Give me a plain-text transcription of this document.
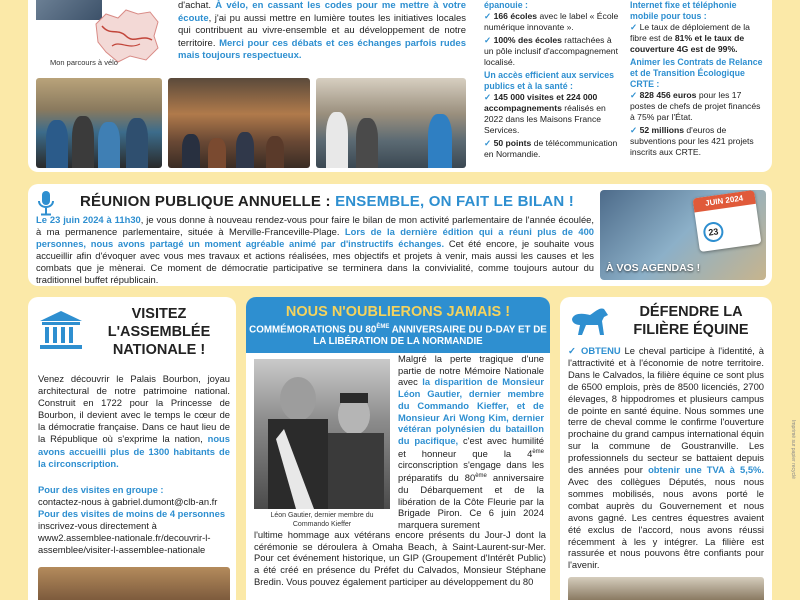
Mon parcours à vélo
d'achat. À vélo, en cassant les codes pour me mettre à votre écoute, j'ai pu aussi mettre en lumière toutes les initiatives locales qui contribuent au vivre-ensemble et au développement de notre territoire. Merci pour ces débats et ces échanges parfois rudes mais toujours respectueux.
épanouie :
✓ 166 écoles avec le label « École numérique innovante ».
✓ 100% des écoles rattachées à un pôle inclusif d'accompagnement localisé.
Un accès efficient aux services publics et à la santé :
✓ 145 000 visites et 224 000 accompagnements réalisés en 2022 dans les Maisons France Services.
✓ 50 points de télécommunication en Normandie.
Internet fixe et téléphonie mobile pour tous :
✓ Le taux de déploiement de la fibre est de 81% et le taux de couverture 4G est de 99%.
Animer les Contrats de Relance et de Transition Écologique CRTE :
✓ 828 456 euros pour les 17 postes de chefs de projet financés à 75% par l'État.
✓ 52 millions d'euros de subventions pour les 421 projets inscrits aux CRTE.
RÉUNION PUBLIQUE ANNUELLE : ENSEMBLE, ON FAIT LE BILAN !
Le 23 juin 2024 à 11h30, je vous donne à nouveau rendez-vous pour faire le bilan de mon activité parlementaire de l'année écoulée, à ma permanence parlementaire, située à Merville-Franceville-Plage. Lors de la dernière édition qui a réuni plus de 400 personnes, nous avons partagé un moment agréable animé par d'instructifs échanges. Cet été encore, je souhaite vous accueillir afin d'évoquer avec vous mes travaux et actions réalisées, mes objectifs et projets à venir, mais aussi les causes et les combats que je mènerai. Ce moment de démocratie participative se terminera dans la convivialité, comme toujours autour du traditionnel buffet républicain.
JUIN 2024
23
À VOS AGENDAS !
VISITEZ L'ASSEMBLÉE NATIONALE !
Venez découvrir le Palais Bourbon, joyau architectural de notre patrimoine national. Construit en 1722 pour la Princesse de Bourbon, il devient avec le temps le cœur de la démocratie française. Dans ce haut lieu de la République où s'exprime la nation, nous avons accueilli plus de 1300 habitants de la circonscription.
Pour des visites en groupe :
contactez-nous à gabriel.dumont@clb-an.fr
Pour des visites de moins de 4 personnes
inscrivez-vous directement à www2.assemblee-nationale.fr/decouvrir-l-assemblee/visiter-l-assemblee-nationale
NOUS N'OUBLIERONS JAMAIS !
COMMÉMORATIONS DU 80ÈME ANNIVERSAIRE DU D-DAY ET DE LA LIBÉRATION DE LA NORMANDIE
Léon Gautier, dernier membre du Commando Kieffer
Malgré la perte tragique d'une partie de notre Mémoire Nationale avec la disparition de Monsieur Léon Gautier, dernier membre du Commando Kieffer, et de Monsieur Ari Wong Kim, dernier vétéran polynésien du bataillon du pacifique, c'est avec humilité et honneur que la 4ème circonscription s'engage dans les préparatifs du 80ème anniversaire du Débarquement et de la libération de la Côte Fleurie par la Brigade Piron. Ce 6 juin 2024 marquera surement
l'ultime hommage aux vétérans encore présents du Jour-J dont la cérémonie se déroulera à Omaha Beach, à Saint-Laurent-sur-Mer. Pour cet événement historique, un GIP (Groupement d'Intérêt Public) a été créé en présence du Préfet du Calvados, Monsieur Stéphane Bredin. Vous pouvez également participer au développement du 80
DÉFENDRE LA FILIÈRE ÉQUINE
✓ OBTENU Le cheval participe à l'identité, à l'attractivité et à l'économie de notre territoire. Dans le Calvados, la filière équine ce sont plus de 6500 emplois, près de 8500 licenciés, 2700 élevages, 8 hippodromes et plusieurs campus de pointe en santé équine. Nous sommes une terre de cheval comme le confirme l'ouverture prochaine du grand campus international équin sur la commune de Goustranville. Les professionnels du secteur se battaient depuis des années pour obtenir une TVA à 5,5%. Avec des collègues Députés, nous nous sommes mobilisés, nous avons porté le combat auprès du Gouvernement et nous avons gagné. Les centres équestres avaient été exclus de l'accord, nous avons réussi récemment à les y intégrer. La filière est rassurée et nous pouvons être confiants pour l'avenir.
Imprimé sur papier recyclé
